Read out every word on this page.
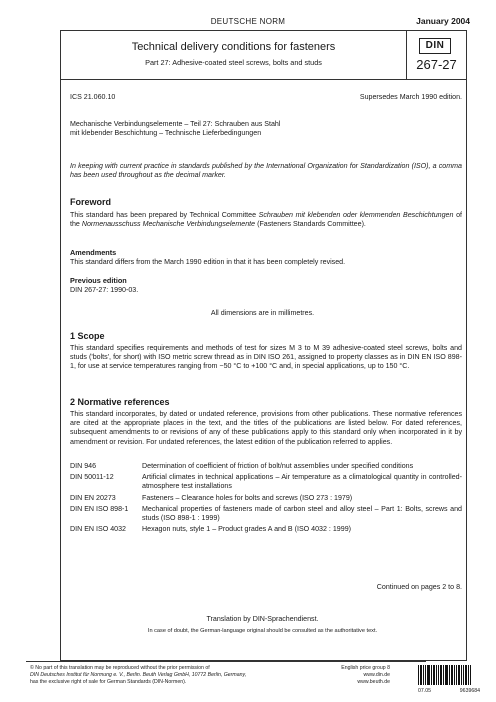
DEUTSCHE NORM	January 2004
Technical delivery conditions for fasteners
Part 27: Adhesive-coated steel screws, bolts and studs
DIN
267-27
ICS 21.060.10	Supersedes March 1990 edition.
Mechanische Verbindungselemente – Teil 27: Schrauben aus Stahl
mit klebender Beschichtung – Technische Lieferbedingungen
In keeping with current practice in standards published by the International Organization for Standardization (ISO), a comma has been used throughout as the decimal marker.
Foreword
This standard has been prepared by Technical Committee Schrauben mit klebenden oder klemmenden Beschichtungen of the Normenausschuss Mechanische Verbindungselemente (Fasteners Standards Committee).
Amendments
This standard differs from the March 1990 edition in that it has been completely revised.
Previous edition
DIN 267-27: 1990-03.
All dimensions are in millimetres.
1 Scope
This standard specifies requirements and methods of test for sizes M 3 to M 39 adhesive-coated steel screws, bolts and studs ('bolts', for short) with ISO metric screw thread as in DIN ISO 261, assigned to property classes as in DIN EN ISO 898-1, for use at service temperatures ranging from −50 °C to +100 °C and, in special applications, up to 150 °C.
2 Normative references
This standard incorporates, by dated or undated reference, provisions from other publications. These normative references are cited at the appropriate places in the text, and the titles of the publications are listed below. For dated references, subsequent amendments to or revisions of any of these publications apply to this standard only when incorporated in it by amendment or revision. For undated references, the latest edition of the publication referred to applies.
DIN 946	Determination of coefficient of friction of bolt/nut assemblies under specified conditions
DIN 50011-12	Artificial climates in technical applications – Air temperature as a climatological quantity in controlled-atmosphere test installations
DIN EN 20273	Fasteners – Clearance holes for bolts and screws (ISO 273 : 1979)
DIN EN ISO 898-1	Mechanical properties of fasteners made of carbon steel and alloy steel – Part 1: Bolts, screws and studs (ISO 898-1 : 1999)
DIN EN ISO 4032	Hexagon nuts, style 1 – Product grades A and B (ISO 4032 : 1999)
Continued on pages 2 to 8.
Translation by DIN-Sprachendienst.
In case of doubt, the German-language original should be consulted as the authoritative text.
© No part of this translation may be reproduced without the prior permission of
DIN Deutsches Institut für Normung e. V., Berlin. Beuth Verlag GmbH, 10772 Berlin, Germany,
has the exclusive right of sale for German Standards (DIN-Normen).
English price group 8
www.din.de
www.beuth.de
07.05	9639684
